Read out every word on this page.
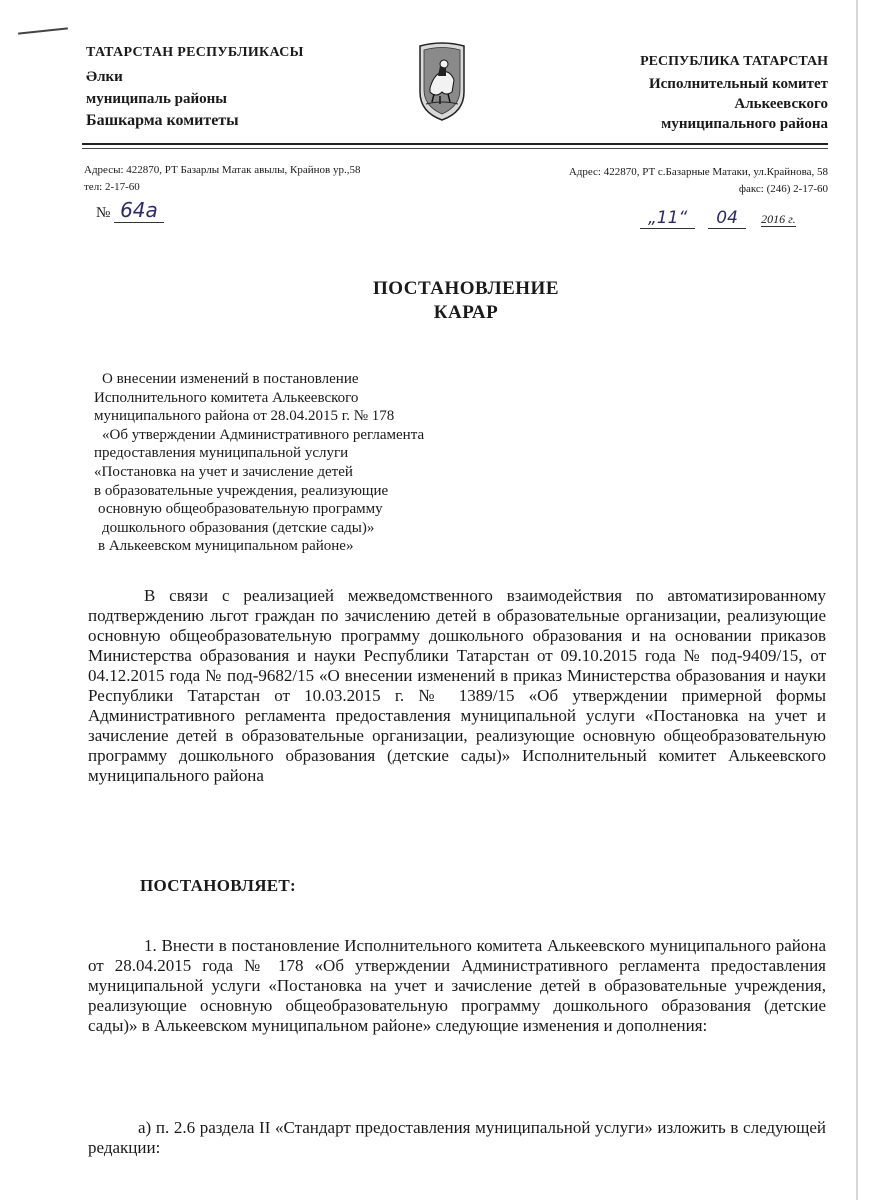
ТАТАРСТАН РЕСПУБЛИКАСЫ
Әлки
муниципаль районы
Башкарма комитеты
РЕСПУБЛИКА ТАТАРСТАН
Исполнительный комитет
Алькеевского
муниципального района
Адресы: 422870, РТ Базарлы Матак авылы, Крайнов ур.,58
тел: 2-17-60
Адрес: 422870, РТ с.Базарные Матаки, ул.Крайнова, 58
факс: (246) 2-17-60
№ 64а	„11“ 04 2016 г.
ПОСТАНОВЛЕНИЕ
КАРАР
О внесении изменений в постановление
Исполнительного комитета Алькеевского
муниципального района от 28.04.2015 г. № 178
«Об утверждении Административного регламента
предоставления муниципальной услуги
«Постановка на учет и зачисление детей
в образовательные учреждения, реализующие
основную общеобразовательную программу
дошкольного образования (детские сады)»
в Алькеевском муниципальном районе»
В связи с реализацией межведомственного взаимодействия по автоматизированному подтверждению льгот граждан по зачислению детей в образовательные организации, реализующие основную общеобразовательную программу дошкольного образования и на основании приказов Министерства образования и науки Республики Татарстан от 09.10.2015 года № под-9409/15, от 04.12.2015 года № под-9682/15 «О внесении изменений в приказ Министерства образования и науки Республики Татарстан от 10.03.2015 г. № 1389/15 «Об утверждении примерной формы Административного регламента предоставления муниципальной услуги «Постановка на учет и зачисление детей в образовательные организации, реализующие основную общеобразовательную программу дошкольного образования (детские сады)» Исполнительный комитет Алькеевского муниципального района
ПОСТАНОВЛЯЕТ:
1. Внести в постановление Исполнительного комитета Алькеевского муниципального района от 28.04.2015 года № 178 «Об утверждении Административного регламента предоставления муниципальной услуги «Постановка на учет и зачисление детей в образовательные учреждения, реализующие основную общеобразовательную программу дошкольного образования (детские сады)» в Алькеевском муниципальном районе» следующие изменения и дополнения:
а) п. 2.6 раздела II «Стандарт предоставления муниципальной услуги» изложить в следующей редакции:
